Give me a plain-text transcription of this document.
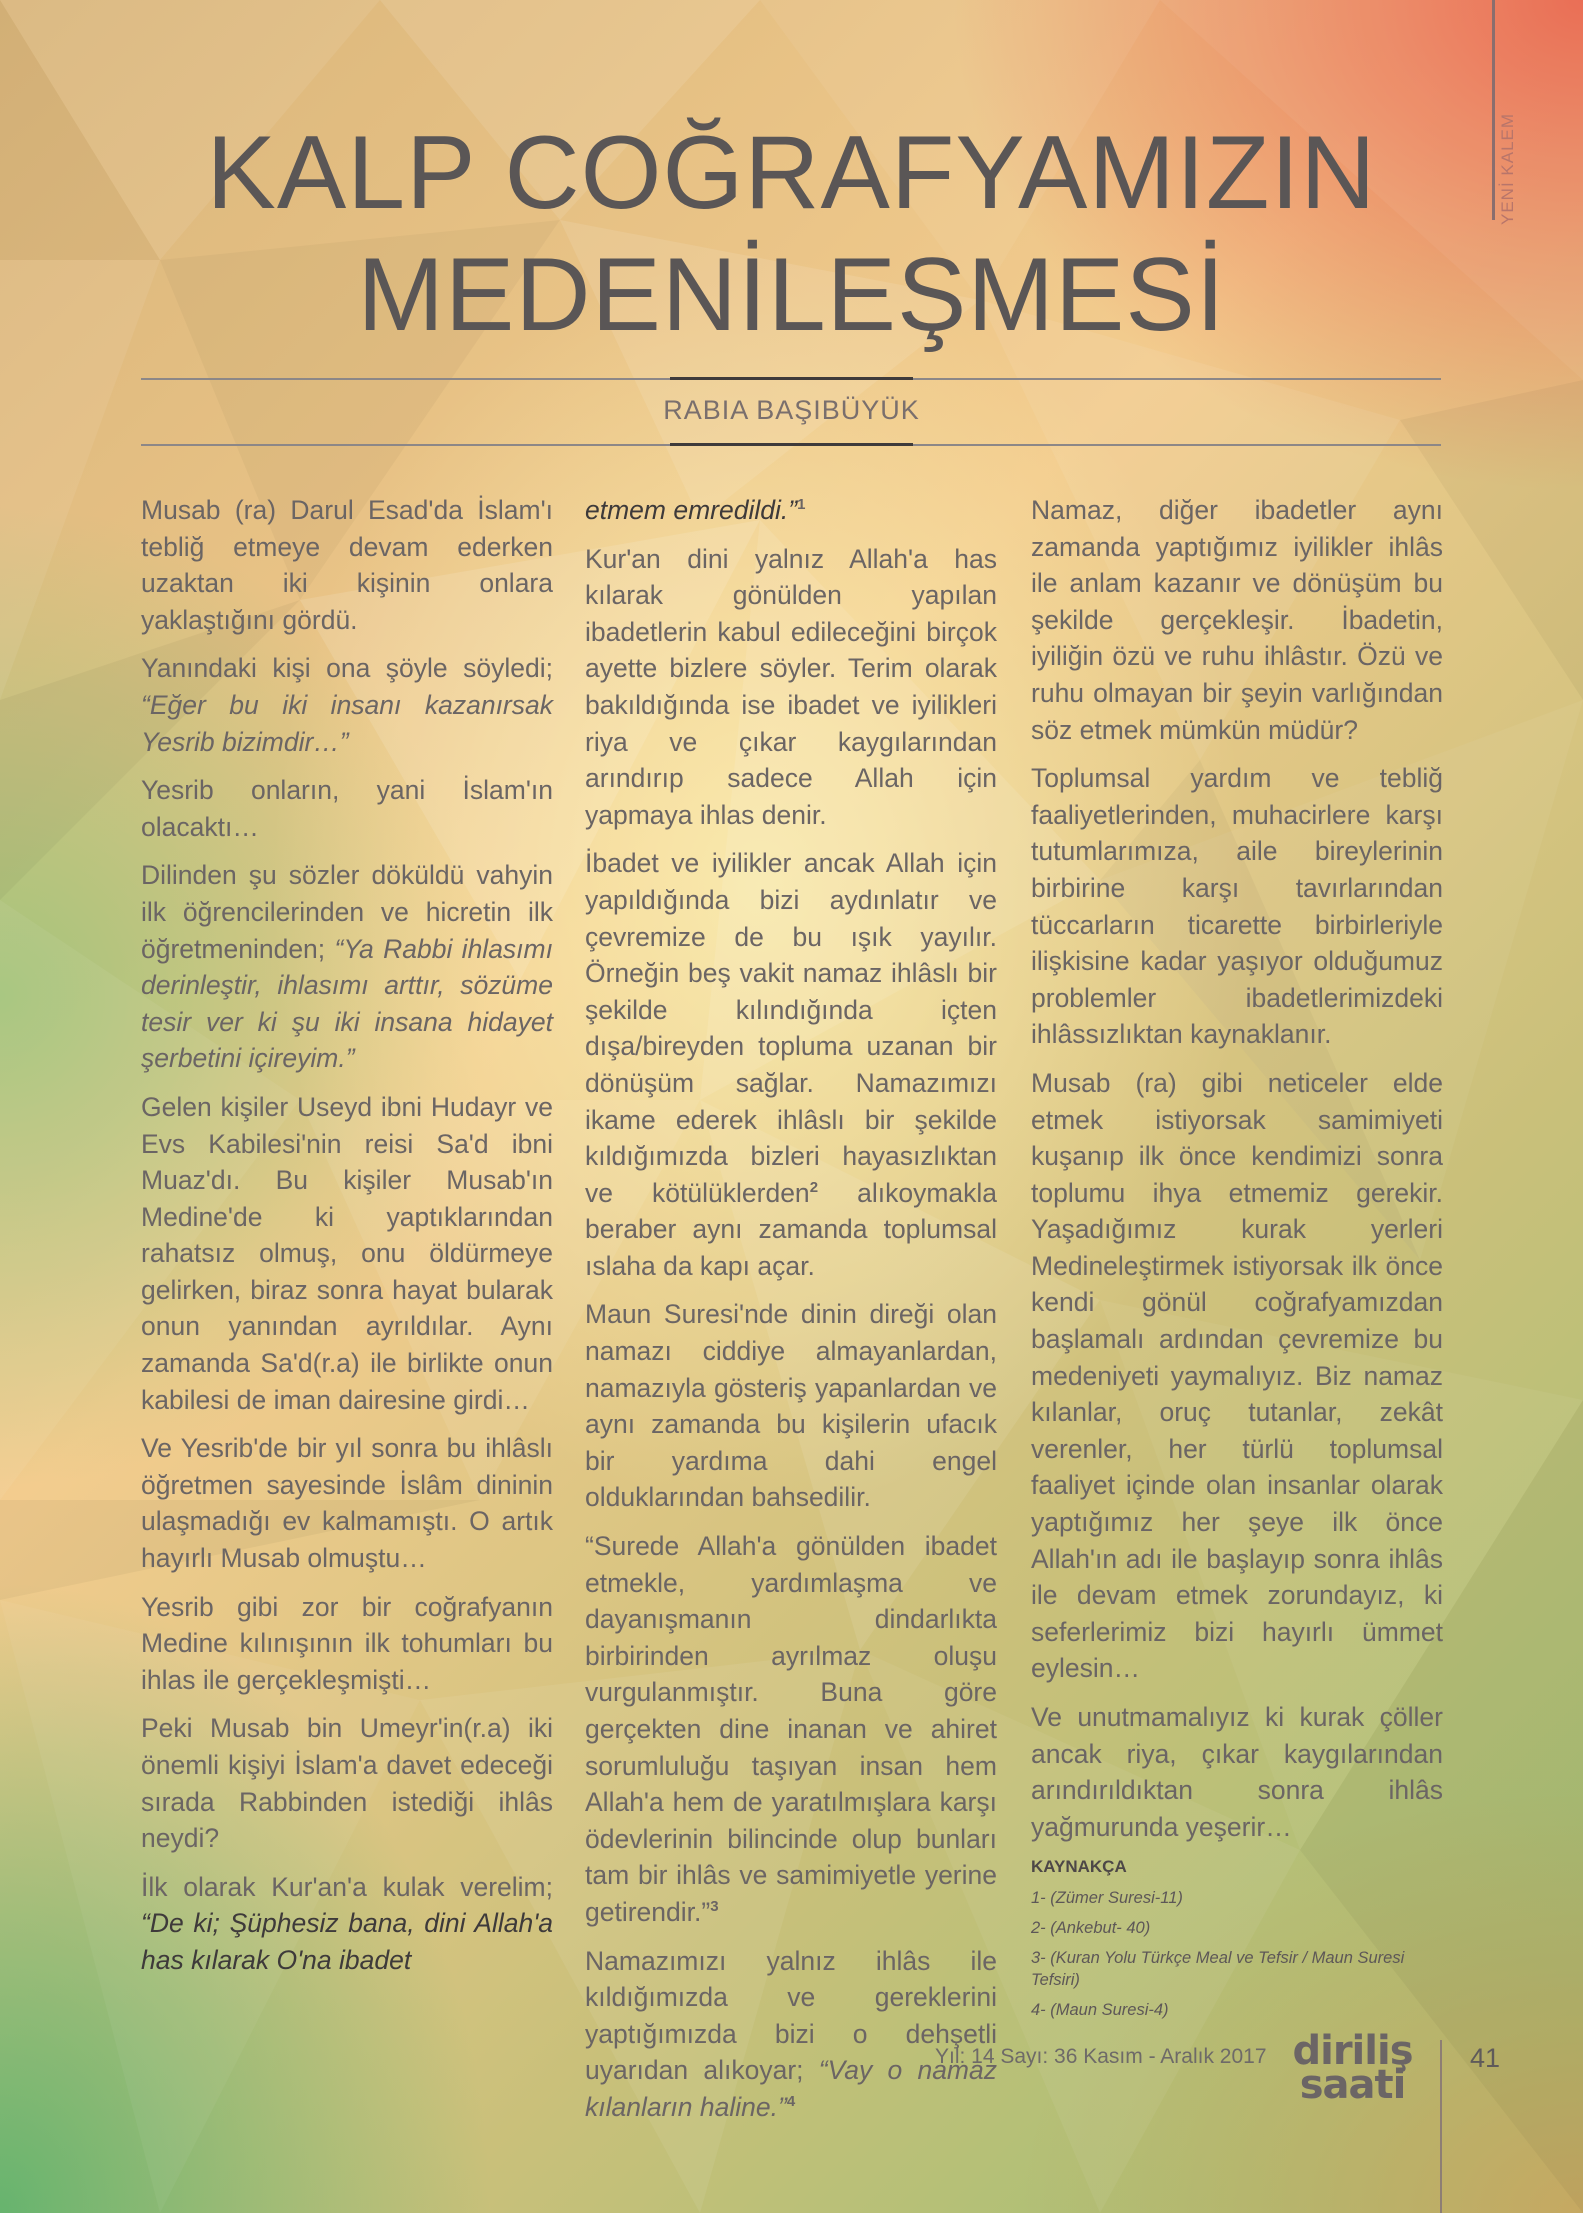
YENİ KALEM
KALP COĞRAFYAMIZIN
MEDENİLEŞMESİ
RABIA BAŞIBÜYÜK

Musab (ra) Darul Esad'da İslam'ı tebliğ etmeye devam ederken uzaktan iki kişinin onlara yaklaştığını gördü.

Yanındaki kişi ona şöyle söyledi; “Eğer bu iki insanı kazanırsak Yesrib bizimdir…”

Yesrib onların, yani İslam'ın olacaktı…

Dilinden şu sözler döküldü vahyin ilk öğrencilerinden ve hicretin ilk öğretmeninden; “Ya Rabbi ihlasımı derinleştir, ihlasımı arttır, sözüme tesir ver ki şu iki insana hidayet şerbetini içireyim.”

Gelen kişiler Useyd ibni Hudayr ve Evs Kabilesi'nin reisi Sa'd ibni Muaz'dı. Bu kişiler Musab'ın Medine'de ki yaptıklarından rahatsız olmuş, onu öldürmeye gelirken, biraz sonra hayat bularak onun yanından ayrıldılar. Aynı zamanda Sa'd(r.a) ile birlikte onun kabilesi de iman dairesine girdi…

Ve Yesrib'de bir yıl sonra bu ihlâslı öğretmen sayesinde İslâm dininin ulaşmadığı ev kalmamıştı. O artık hayırlı Musab olmuştu…

Yesrib gibi zor bir coğrafyanın Medine kılınışının ilk tohumları bu ihlas ile gerçekleşmişti…

Peki Musab bin Umeyr'in(r.a) iki önemli kişiyi İslam'a davet edeceği sırada Rabbinden istediği ihlâs neydi?

İlk olarak Kur'an'a kulak verelim; “De ki; Şüphesiz bana, dini Allah'a has kılarak O'na ibadet

etmem emredildi.”$^1$

Kur'an dini yalnız Allah'a has kılarak gönülden yapılan ibadetlerin kabul edileceğini birçok ayette bizlere söyler. Terim olarak bakıldığında ise ibadet ve iyilikleri riya ve çıkar kaygılarından arındırıp sadece Allah için yapmaya ihlas denir.

İbadet ve iyilikler ancak Allah için yapıldığında bizi aydınlatır ve çevremize de bu ışık yayılır. Örneğin beş vakit namaz ihlâslı bir şekilde kılındığında içten dışa/bireyden topluma uzanan bir dönüşüm sağlar. Namazımızı ikame ederek ihlâslı bir şekilde kıldığımızda bizleri hayasızlıktan ve kötülüklerden$^2$ alıkoymakla beraber aynı zamanda toplumsal ıslaha da kapı açar.

Maun Suresi'nde dinin direği olan namazı ciddiye almayanlardan, namazıyla gösteriş yapanlardan ve aynı zamanda bu kişilerin ufacık bir yardıma dahi engel olduklarından bahsedilir.

“Surede Allah'a gönülden ibadet etmekle, yardımlaşma ve dayanışmanın dindarlıkta birbirinden ayrılmaz oluşu vurgulanmıştır. Buna göre gerçekten dine inanan ve ahiret sorumluluğu taşıyan insan hem Allah'a hem de yaratılmışlara karşı ödevlerinin bilincinde olup bunları tam bir ihlâs ve samimiyetle yerine getirendir.”$^3$

Namazımızı yalnız ihlâs ile kıldığımızda ve gereklerini yaptığımızda bizi o dehşetli uyarıdan alıkoyar; “Vay o namaz kılanların haline.”$^4$

Namaz, diğer ibadetler aynı zamanda yaptığımız iyilikler ihlâs ile anlam kazanır ve dönüşüm bu şekilde gerçekleşir. İbadetin, iyiliğin özü ve ruhu ihlâstır. Özü ve ruhu olmayan bir şeyin varlığından söz etmek mümkün müdür?

Toplumsal yardım ve tebliğ faaliyetlerinden, muhacirlere karşı tutumlarımıza, aile bireylerinin birbirine karşı tavırlarından tüccarların ticarette birbirleriyle ilişkisine kadar yaşıyor olduğumuz problemler ibadetlerimizdeki ihlâssızlıktan kaynaklanır.

Musab (ra) gibi neticeler elde etmek istiyorsak samimiyeti kuşanıp ilk önce kendimizi sonra toplumu ihya etmemiz gerekir. Yaşadığımız kurak yerleri Medineleştirmek istiyorsak ilk önce kendi gönül coğrafyamızdan başlamalı ardından çevremize bu medeniyeti yaymalıyız. Biz namaz kılanlar, oruç tutanlar, zekât verenler, her türlü toplumsal faaliyet içinde olan insanlar olarak yaptığımız her şeye ilk önce Allah'ın adı ile başlayıp sonra ihlâs ile devam etmek zorundayız, ki seferlerimiz bizi hayırlı ümmet eylesin…

Ve unutmamalıyız ki kurak çöller ancak riya, çıkar kaygılarından arındırıldıktan sonra ihlâs yağmurunda yeşerir…

KAYNAKÇA
1- (Zümer Suresi-11)
2- (Ankebut- 40)
3- (Kuran Yolu Türkçe Meal ve Tefsir / Maun Suresi Tefsiri)
4- (Maun Suresi-4)
Yıl: 14 Sayı: 36 Kasım - Aralık 2017 diriliş
saati
41
